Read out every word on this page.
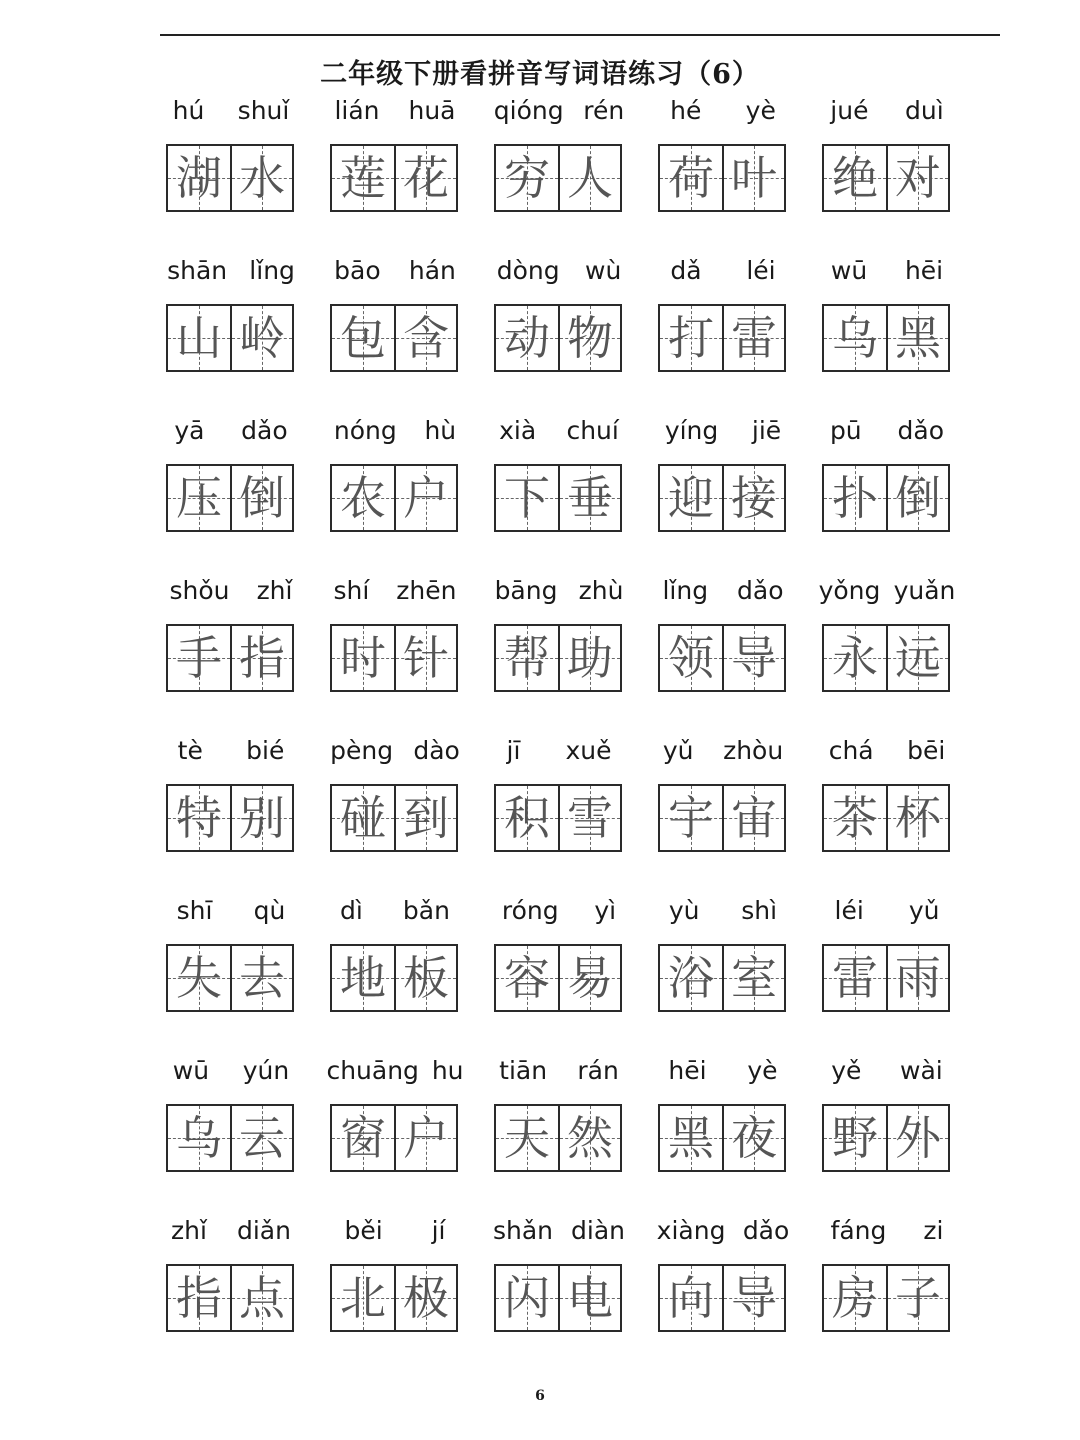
二年级下册看拼音写词语练习（6）
hú shuǐ
湖 水
lián huā
莲 花
qióng rén
穷 人
hé yè
荷 叶
jué duì
绝 对
shān lǐng
山 岭
bāo hán
包 含
dòng wù
动 物
dǎ léi
打 雷
wū hēi
乌 黑
yā dǎo
压 倒
nóng hù
农 户
xià chuí
下 垂
yíng jiē
迎 接
pū dǎo
扑 倒
shǒu zhǐ
手 指
shí zhēn
时 针
bāng zhù
帮 助
lǐng dǎo
领 导
yǒng yuǎn
永 远
tè bié
特 别
pèng dào
碰 到
jī xuě
积 雪
yǔ zhòu
宇 宙
chá bēi
茶 杯
shī qù
失 去
dì bǎn
地 板
róng yì
容 易
yù shì
浴 室
léi yǔ
雷 雨
wū yún
乌 云
chuāng hu
窗 户
tiān rán
天 然
hēi yè
黑 夜
yě wài
野 外
zhǐ diǎn
指 点
běi jí
北 极
shǎn diàn
闪 电
xiàng dǎo
向 导
fáng zi
房 子
6
